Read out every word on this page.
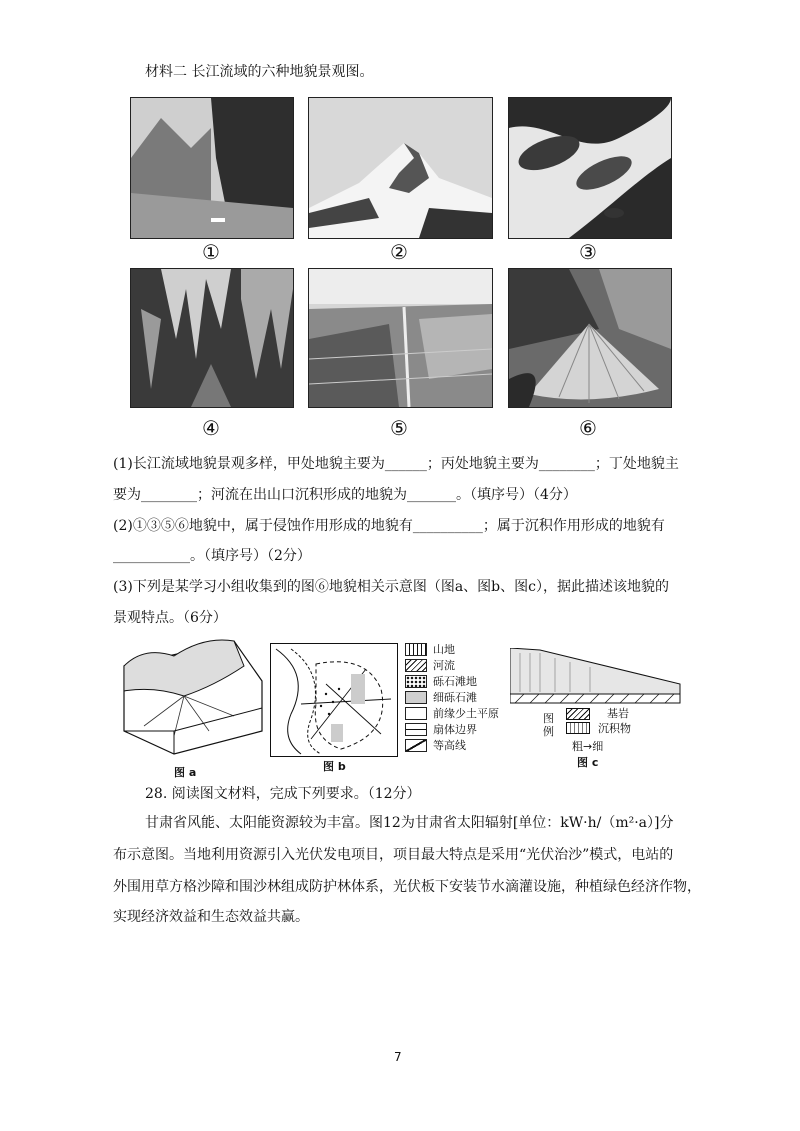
材料二 长江流域的六种地貌景观图。
①	②	③
④	⑤	⑥
(1)长江流域地貌景观多样，甲处地貌主要为______；丙处地貌主要为________；丁处地貌主
要为________；河流在出山口沉积形成的地貌为_______。（填序号）（4分）
(2)①③⑤⑥地貌中，属于侵蚀作用形成的地貌有__________；属于沉积作用形成的地貌有
___________。（填序号）（2分）
(3)下列是某学习小组收集到的图⑥地貌相关示意图（图a、图b、图c），据此描述该地貌的
景观特点。（6分）
图 a	图 b
山地
河流
砾石滩地
细砾石滩
前缘少土平原
扇体边界
等高线
图例
基岩
沉积物
粗→细
图 c
28. 阅读图文材料，完成下列要求。（12分）
甘肃省风能、太阳能资源较为丰富。图12为甘肃省太阳辐射[单位：kW·h/（m²·a）]分
布示意图。当地利用资源引入光伏发电项目，项目最大特点是采用“光伏治沙”模式，电站的
外围用草方格沙障和围沙林组成防护林体系，光伏板下安装节水滴灌设施，种植绿色经济作物，
实现经济效益和生态效益共赢。
7
